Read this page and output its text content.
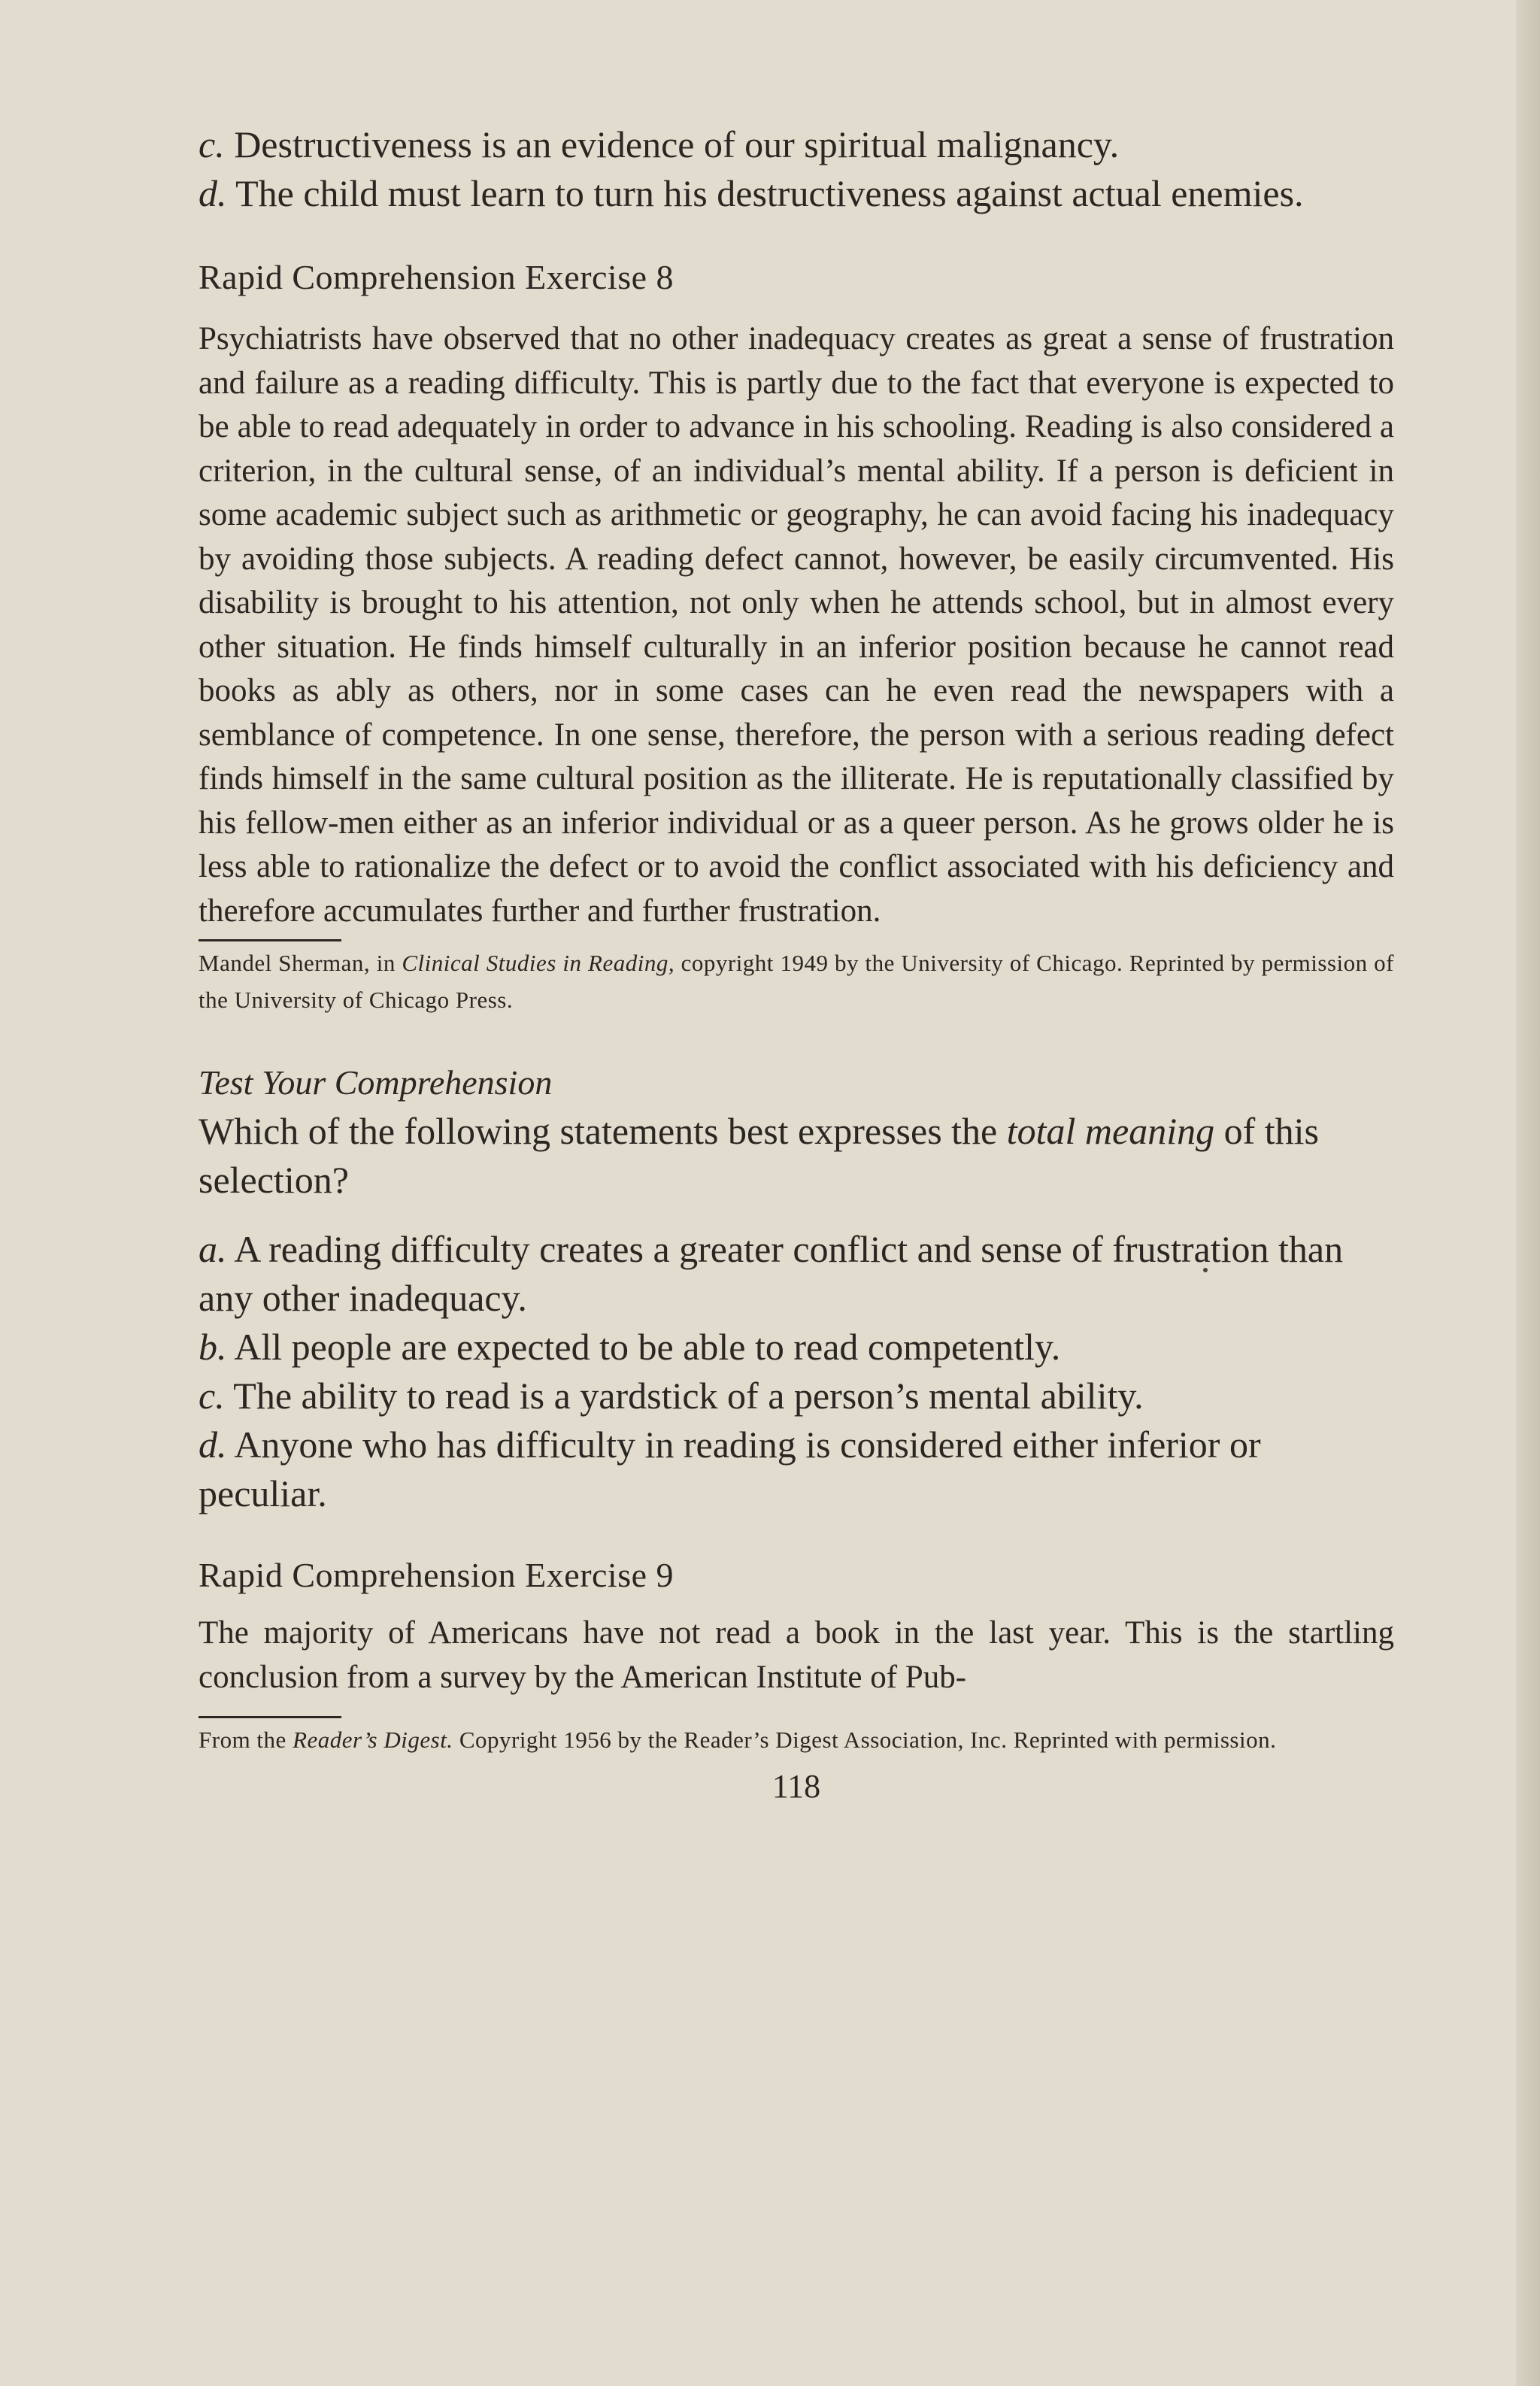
c. Destructiveness is an evidence of our spiritual malignancy.

d. The child must learn to turn his destructiveness against actual enemies.

Rapid Comprehension Exercise 8

Psychiatrists have observed that no other inadequacy creates as great a sense of frustration and failure as a reading difficulty. This is partly due to the fact that everyone is expected to be able to read adequately in order to advance in his schooling. Reading is also considered a criterion, in the cultural sense, of an individual’s mental ability. If a person is deficient in some academic subject such as arithmetic or geography, he can avoid facing his inadequacy by avoiding those subjects. A reading defect cannot, however, be easily circumvented. His disability is brought to his attention, not only when he attends school, but in almost every other situation. He finds himself culturally in an inferior position because he cannot read books as ably as others, nor in some cases can he even read the newspapers with a semblance of competence. In one sense, therefore, the person with a serious reading defect finds himself in the same cultural position as the illiterate. He is reputationally classified by his fellow-men either as an inferior individual or as a queer person. As he grows older he is less able to rationalize the defect or to avoid the conflict associated with his deficiency and therefore accumulates further and further frustration.

Mandel Sherman, in Clinical Studies in Reading, copyright 1949 by the University of Chicago. Reprinted by permission of the University of Chicago Press.

Test Your Comprehension

Which of the following statements best expresses the total meaning of this selection?

a. A reading difficulty creates a greater conflict and sense of frustration than any other inadequacy.

b. All people are expected to be able to read competently.

c. The ability to read is a yardstick of a person’s mental ability.

d. Anyone who has difficulty in reading is considered either inferior or peculiar.

Rapid Comprehension Exercise 9

The majority of Americans have not read a book in the last year. This is the startling conclusion from a survey by the American Institute of Pub-

From the Reader’s Digest. Copyright 1956 by the Reader’s Digest Association, Inc. Reprinted with permission.

118
